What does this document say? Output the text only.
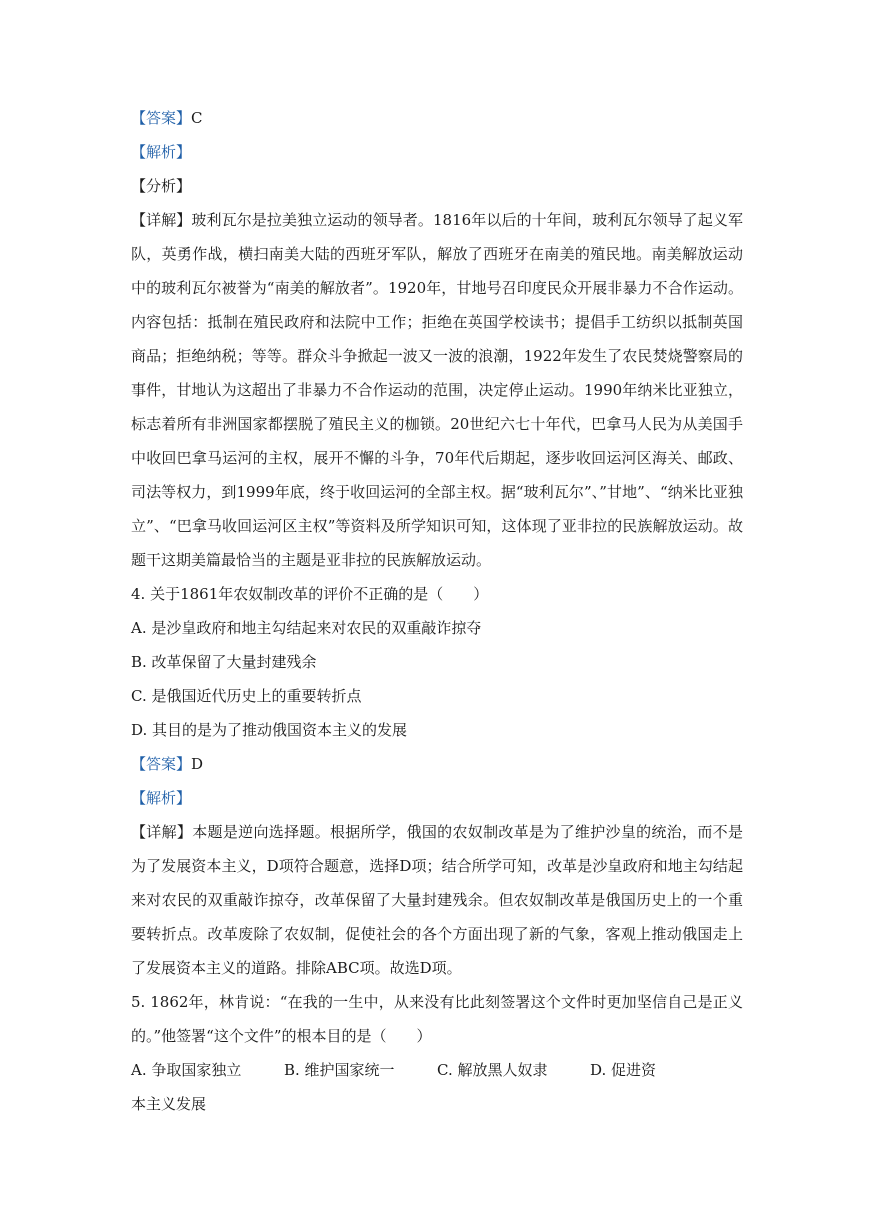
【答案】C
【解析】
【分析】
【详解】玻利瓦尔是拉美独立运动的领导者。1816年以后的十年间，玻利瓦尔领导了起义军队，英勇作战，横扫南美大陆的西班牙军队，解放了西班牙在南美的殖民地。南美解放运动中的玻利瓦尔被誉为“南美的解放者”。1920年，甘地号召印度民众开展非暴力不合作运动。内容包括：抵制在殖民政府和法院中工作；拒绝在英国学校读书；提倡手工纺织以抵制英国商品；拒绝纳税；等等。群众斗争掀起一波又一波的浪潮，1922年发生了农民焚烧警察局的事件，甘地认为这超出了非暴力不合作运动的范围，决定停止运动。1990年纳米比亚独立，标志着所有非洲国家都摆脱了殖民主义的枷锁。20世纪六七十年代，巴拿马人民为从美国手中收回巴拿马运河的主权，展开不懈的斗争，70年代后期起，逐步收回运河区海关、邮政、司法等权力，到1999年底，终于收回运河的全部主权。据“玻利瓦尔”、”甘地”、“纳米比亚独立”、“巴拿马收回运河区主权”等资料及所学知识可知，这体现了亚非拉的民族解放运动。故题干这期美篇最恰当的主题是亚非拉的民族解放运动。
4. 关于1861年农奴制改革的评价不正确的是（　　）
A. 是沙皇政府和地主勾结起来对农民的双重敲诈掠夺
B. 改革保留了大量封建残余
C. 是俄国近代历史上的重要转折点
D. 其目的是为了推动俄国资本主义的发展
【答案】D
【解析】
【详解】本题是逆向选择题。根据所学，俄国的农奴制改革是为了维护沙皇的统治，而不是为了发展资本主义，D项符合题意，选择D项；结合所学可知，改革是沙皇政府和地主勾结起来对农民的双重敲诈掠夺，改革保留了大量封建残余。但农奴制改革是俄国历史上的一个重要转折点。改革废除了农奴制，促使社会的各个方面出现了新的气象，客观上推动俄国走上了发展资本主义的道路。排除ABC项。故选D项。
5. 1862年，林肯说：“在我的一生中，从来没有比此刻签署这个文件时更加坚信自己是正义的。”他签署“这个文件”的根本目的是（　　）
A. 争取国家独立	B. 维护国家统一	C. 解放黑人奴隶	D. 促进资
本主义发展
